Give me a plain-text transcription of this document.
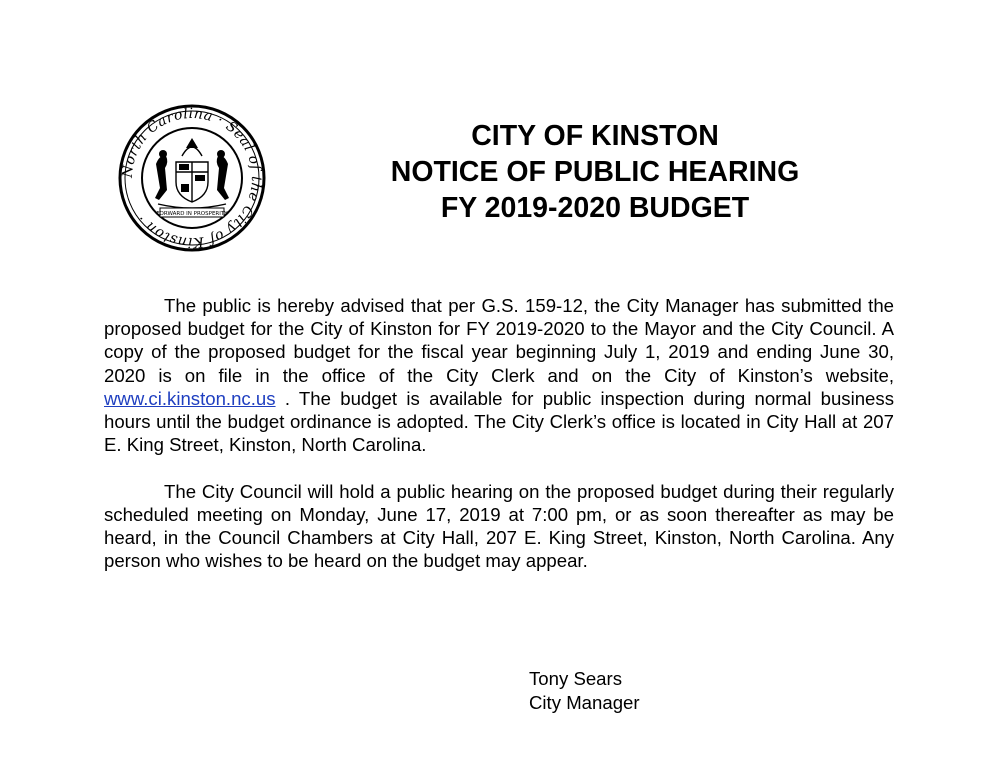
North Carolina · Seal of the City of Kinston ·	FORWARD IN PROSPERITY
CITY OF KINSTON
NOTICE OF PUBLIC HEARING
FY 2019-2020 BUDGET

The public is hereby advised that per G.S. 159-12, the City Manager has submitted the proposed budget for the City of Kinston for FY 2019-2020 to the Mayor and the City Council. A copy of the proposed budget for the fiscal year beginning July 1, 2019 and ending June 30, 2020 is on file in the office of the City Clerk and on the City of Kinston’s website, www.ci.kinston.nc.us . The budget is available for public inspection during normal business hours until the budget ordinance is adopted. The City Clerk’s office is located in City Hall at 207 E. King Street, Kinston, North Carolina.

The City Council will hold a public hearing on the proposed budget during their regularly scheduled meeting on Monday, June 17, 2019 at 7:00 pm, or as soon thereafter as may be heard, in the Council Chambers at City Hall, 207 E. King Street, Kinston, North Carolina. Any person who wishes to be heard on the budget may appear.

Tony Sears
City Manager
